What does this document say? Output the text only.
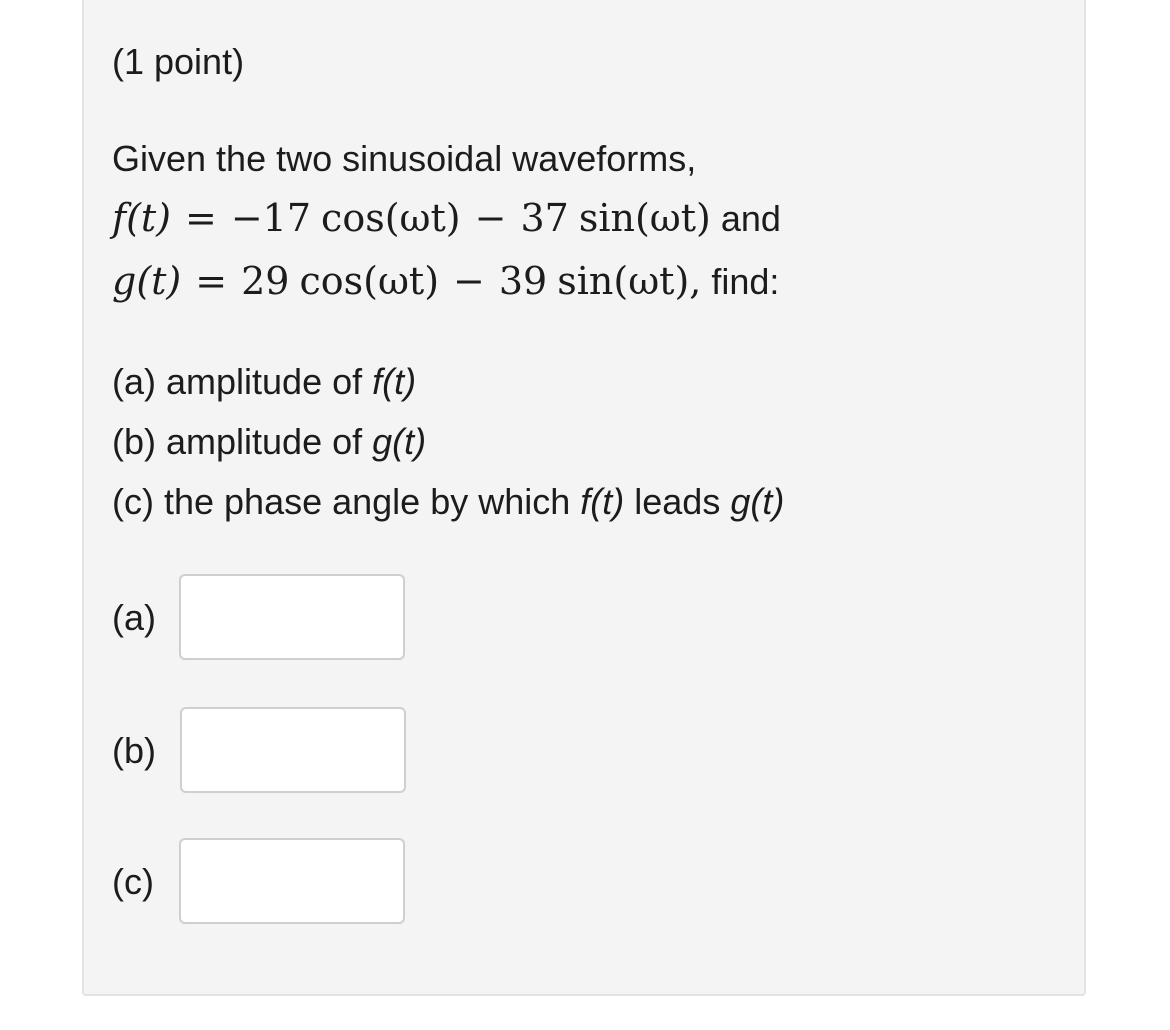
(1 point)
Given the two sinusoidal waveforms,
f(t) = −17 cos(ωt) − 37 sin(ωt) and
g(t) = 29 cos(ωt) − 39 sin(ωt), find:
(a) amplitude of f(t)
(b) amplitude of g(t)
(c) the phase angle by which f(t) leads g(t)
(a)
(b)
(c)
